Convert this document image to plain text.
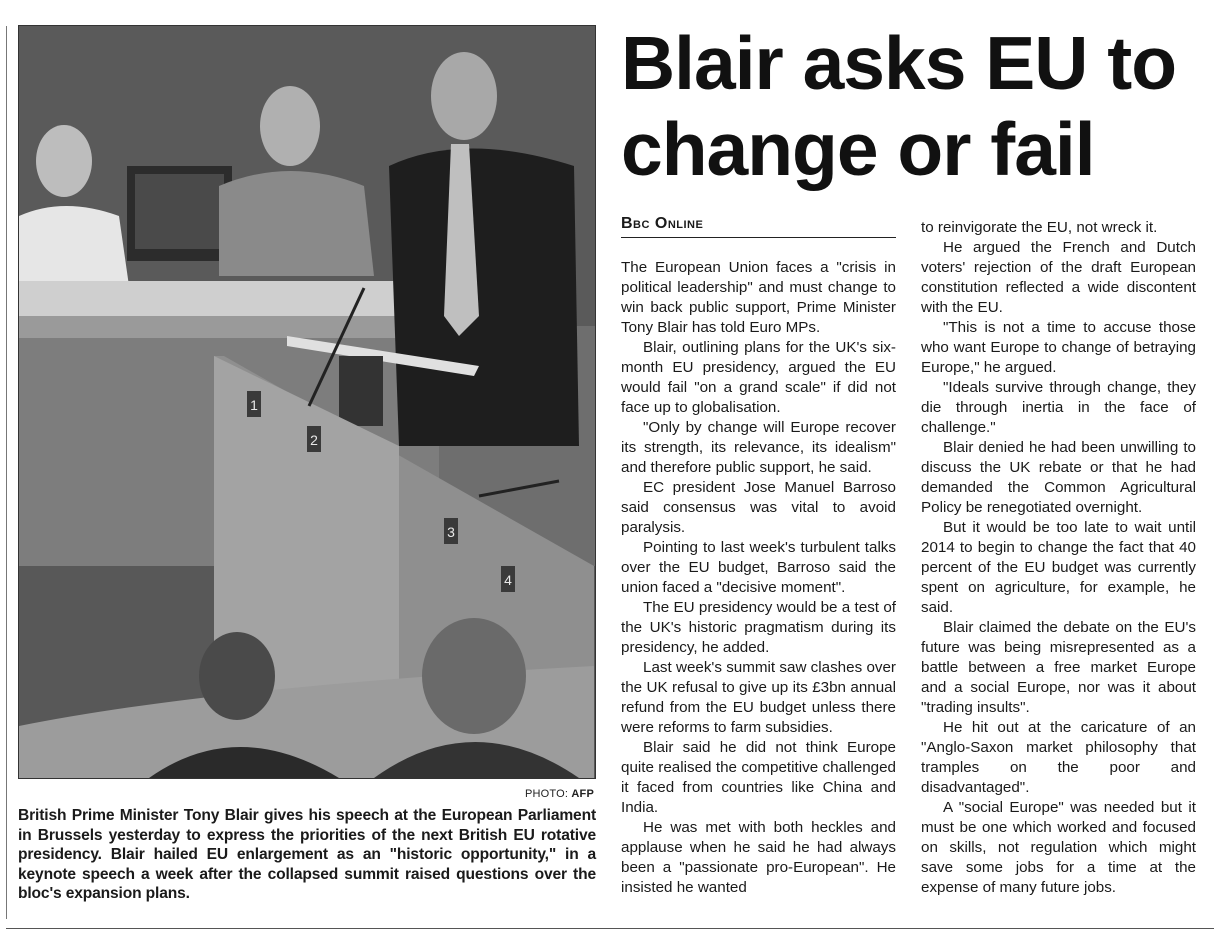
1
2
3
4
PHOTO: AFP
British Prime Minister Tony Blair gives his speech at the European Parliament in Brussels yesterday to express the priorities of the next British EU rotative presidency. Blair hailed EU enlargement as an "historic opportunity," in a keynote speech a week after the collapsed summit raised questions over the bloc's expansion plans.
Blair asks EU to change or fail
Bbc Online

The European Union faces a "crisis in political leadership" and must change to win back public support, Prime Minister Tony Blair has told Euro MPs.

Blair, outlining plans for the UK's six-month EU presidency, argued the EU would fail "on a grand scale" if did not face up to globalisation.

"Only by change will Europe recover its strength, its relevance, its idealism" and therefore public support, he said.

EC president Jose Manuel Barroso said consensus was vital to avoid paralysis.

Pointing to last week's turbulent talks over the EU budget, Barroso said the union faced a "decisive moment".

The EU presidency would be a test of the UK's historic pragmatism during its presidency, he added.

Last week's summit saw clashes over the UK refusal to give up its £3bn annual refund from the EU budget unless there were reforms to farm subsidies.

Blair said he did not think Europe quite realised the competitive challenged it faced from countries like China and India.

He was met with both heckles and applause when he said he had always been a "passionate pro-European". He insisted he wanted

to reinvigorate the EU, not wreck it.

He argued the French and Dutch voters' rejection of the draft European constitution reflected a wide discontent with the EU.

"This is not a time to accuse those who want Europe to change of betraying Europe," he argued.

"Ideals survive through change, they die through inertia in the face of challenge."

Blair denied he had been unwilling to discuss the UK rebate or that he had demanded the Common Agricultural Policy be renegotiated overnight.

But it would be too late to wait until 2014 to begin to change the fact that 40 percent of the EU budget was currently spent on agriculture, for example, he said.

Blair claimed the debate on the EU's future was being misrepresented as a battle between a free market Europe and a social Europe, nor was it about "trading insults".

He hit out at the caricature of an "Anglo-Saxon market philosophy that tramples on the poor and disadvantaged".

A "social Europe" was needed but it must be one which worked and focused on skills, not regulation which might save some jobs for a time at the expense of many future jobs.
